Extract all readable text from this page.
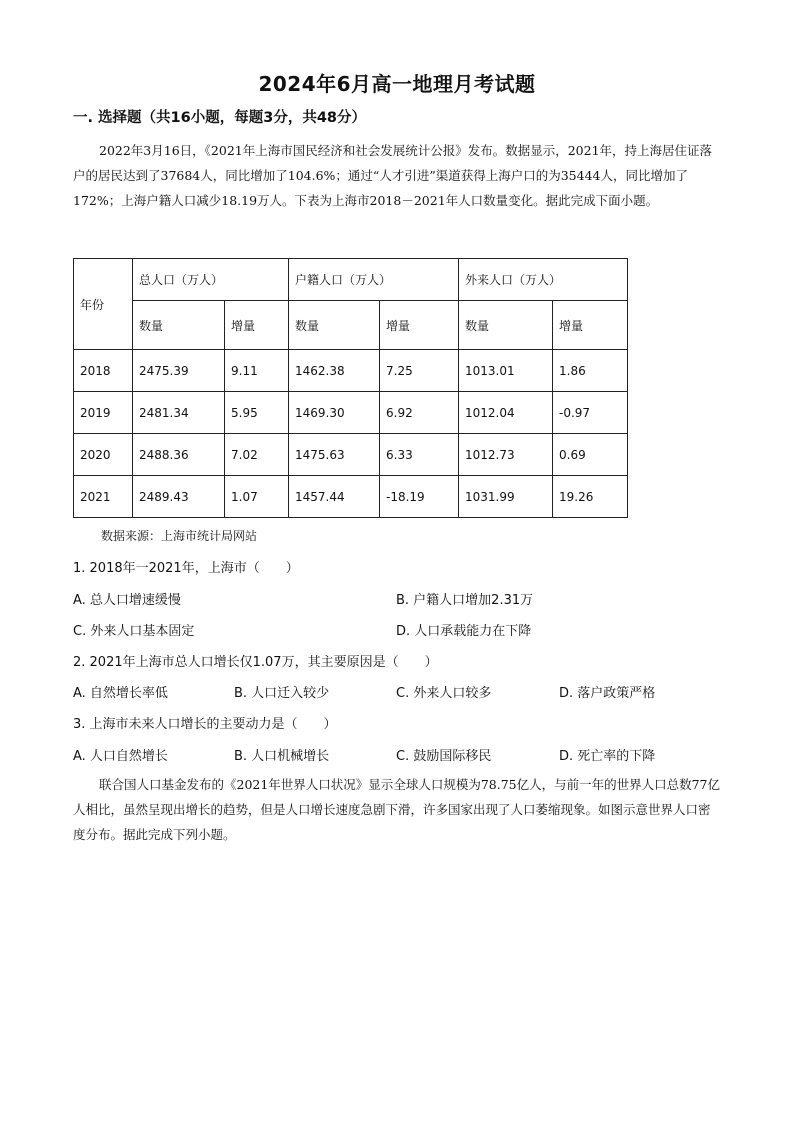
2024年6月高一地理月考试题
一. 选择题（共16小题，每题3分，共48分）
2022年3月16日，《2021年上海市国民经济和社会发展统计公报》发布。数据显示，2021年，持上海居住证落户的居民达到了37684人，同比增加了104.6%；通过“人才引进”渠道获得上海户口的为35444人，同比增加了172%；上海户籍人口减少18.19万人。下表为上海市2018－2021年人口数量变化。据此完成下面小题。
年份	总人口（万人）		户籍人口（万人）		外来人口（万人）	
	数量	增量	数量	增量	数量	增量
2018	2475.39	9.11	1462.38	7.25	1013.01	1.86
2019	2481.34	5.95	1469.30	6.92	1012.04	-0.97
2020	2488.36	7.02	1475.63	6.33	1012.73	0.69
2021	2489.43	1.07	1457.44	-18.19	1031.99	19.26
数据来源：上海市统计局网站
1. 2018年一2021年，上海市（　　）
A. 总人口增速缓慢	B. 户籍人口增加2.31万
C. 外来人口基本固定	D. 人口承载能力在下降
2. 2021年上海市总人口增长仅1.07万，其主要原因是（　　）
A. 自然增长率低	B. 人口迁入较少	C. 外来人口较多	D. 落户政策严格
3. 上海市未来人口增长的主要动力是（　　）
A. 人口自然增长	B. 人口机械增长	C. 鼓励国际移民	D. 死亡率的下降
联合国人口基金发布的《2021年世界人口状况》显示全球人口规模为78.75亿人，与前一年的世界人口总数77亿人相比，虽然呈现出增长的趋势，但是人口增长速度急剧下滑，许多国家出现了人口萎缩现象。如图示意世界人口密度分布。据此完成下列小题。
